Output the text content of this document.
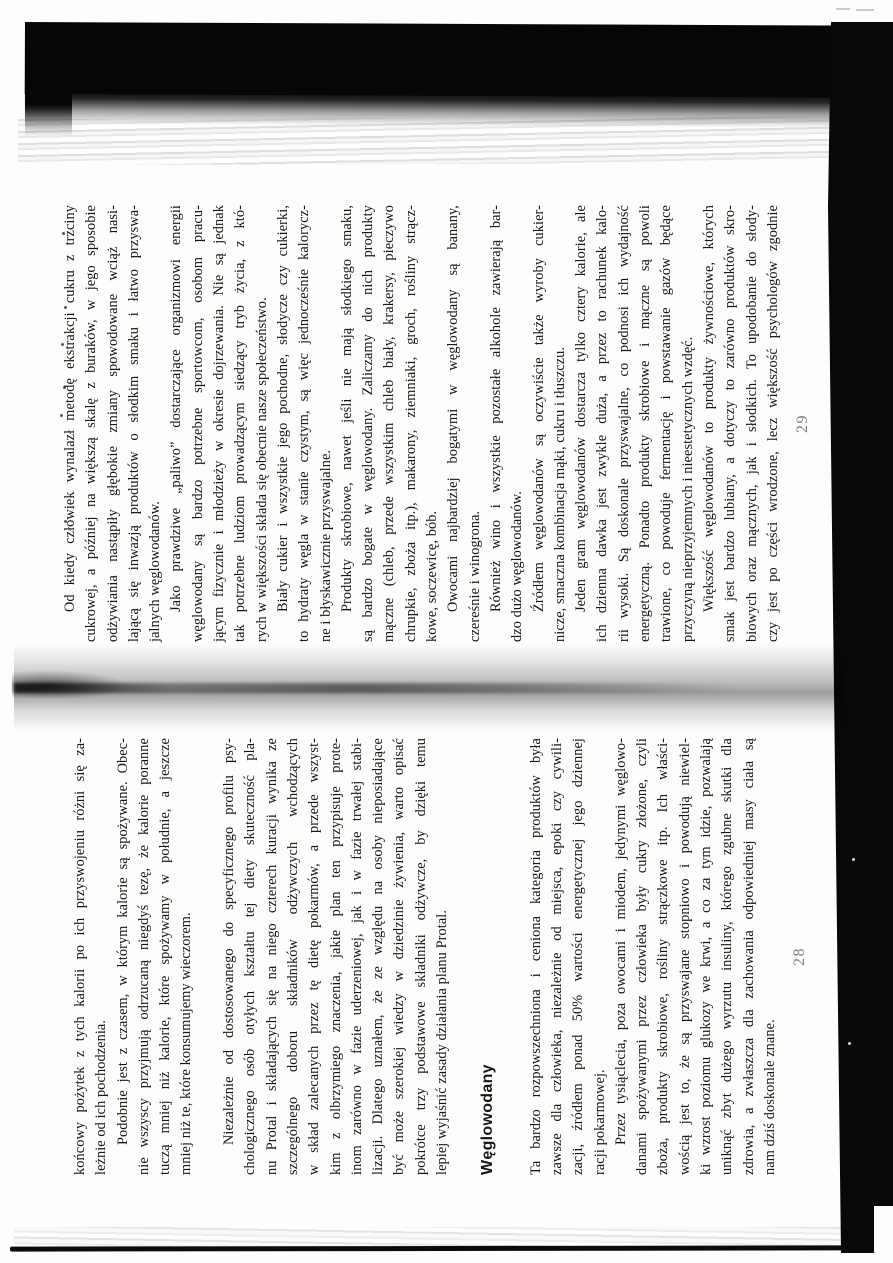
Od kiedy człowiek wynalazł metodę ekstrakcji cukru z trzciny cukrowej, a później na większą skalę z buraków, w jego sposobie odżywiania nastąpiły głębokie zmiany spowodowane wciąż nasi- lającą się inwazją produktów o słodkim smaku i łatwo przyswa- jalnych węglowodanów. Jako prawdziwe „paliwo” dostarczające organizmowi energii węglowodany są bardzo potrzebne sportowcom, osobom pracu- jącym fizycznie i młodzieży w okresie dojrzewania. Nie są jednak tak potrzebne ludziom prowadzącym siedzący tryb życia, z któ- rych w większości składa się obecnie nasze społeczeństwo. Biały cukier i wszystkie jego pochodne, słodycze czy cukierki, to hydraty węgla w stanie czystym, są więc jednocześnie kalorycz- ne i błyskawicznie przyswajalne. Produkty skrobiowe, nawet jeśli nie mają słodkiego smaku, są bardzo bogate w węglowodany. Zaliczamy do nich produkty mączne (chleb, przede wszystkim chleb biały, krakersy, pieczywo chrupkie, zboża itp.), makarony, ziemniaki, groch, rośliny strącz- kowe, soczewicę, bób. Owocami najbardziej bogatymi w węglowodany są banany, czereśnie i winogrona. Również wino i wszystkie pozostałe alkohole zawierają bar- dzo dużo węglowodanów. Źródłem węglowodanów są oczywiście także wyroby cukier- nicze, smaczna kombinacja mąki, cukru i tłuszczu. Jeden gram węglowodanów dostarcza tylko cztery kalorie, ale ich dzienna dawka jest zwykle duża, a przez to rachunek kalo- rii wysoki. Są doskonale przyswajalne, co podnosi ich wydajność energetyczną. Ponadto produkty skrobiowe i mączne są powoli trawione, co powoduje fermentację i powstawanie gazów będące przyczyną nieprzyjemnych i nieestetycznych wzdęć. Większość węglowodanów to produkty żywnościowe, których smak jest bardzo lubiany, a dotyczy to zarówno produktów skro- biowych oraz mącznych, jak i słodkich. To upodobanie do słody- czy jest po części wrodzone, lecz większość psychologów zgodnie 29

końcowy pożytek z tych kalorii po ich przyswojeniu różni się za- leżnie od ich pochodzenia. Podobnie jest z czasem, w którym kalorie są spożywane. Obec- nie wszyscy przyjmują odrzucaną niegdyś tezę, że kalorie poranne tuczą mniej niż kalorie, które spożywamy w południe, a jeszcze mniej niż te, które konsumujemy wieczorem. Niezależnie od dostosowanego do specyficznego profilu psy- chologicznego osób otyłych kształtu tej diety skuteczność pla- nu Protal i składających się na niego czterech kuracji wynika ze szczególnego doboru składników odżywczych wchodzących w skład zalecanych przez tę dietę pokarmów, a przede wszyst- kim z olbrzymiego znaczenia, jakie plan ten przypisuje prote- inom zarówno w fazie uderzeniowej, jak i w fazie trwałej stabi- lizacji. Dlatego uznałem, że ze względu na osoby nieposiadające być może szerokiej wiedzy w dziedzinie żywienia, warto opisać pokrótce trzy podstawowe składniki odżywcze, by dzięki temu lepiej wyjaśnić zasady działania planu Protal. Węglowodany Ta bardzo rozpowszechniona i ceniona kategoria produktów była zawsze dla człowieka, niezależnie od miejsca, epoki czy cywili- zacji, źródłem ponad 50% wartości energetycznej jego dziennej racji pokarmowej. Przez tysiąclecia, poza owocami i miodem, jedynymi węglowo- danami spożywanymi przez człowieka były cukry złożone, czyli zboża, produkty skrobiowe, rośliny strączkowe itp. Ich właści- wością jest to, że są przyswajane stopniowo i powodują niewiel- ki wzrost poziomu glukozy we krwi, a co za tym idzie, pozwalają uniknąć zbyt dużego wyrzutu insuliny, którego zgubne skutki dla zdrowia, a zwłaszcza dla zachowania odpowiedniej masy ciała są nam dziś doskonale znane.

28
